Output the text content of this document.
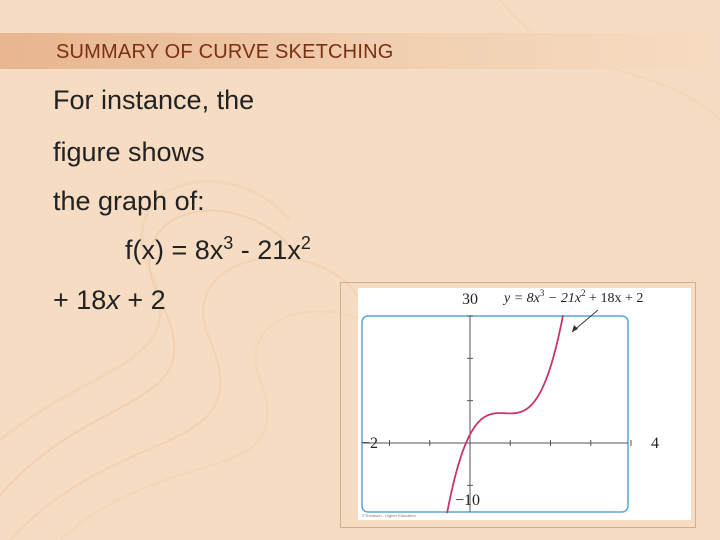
SUMMARY OF CURVE SKETCHING
For instance, the
figure shows
the graph of:
$f(x) = 8x^3 - 21x^2$
+ 18x + 2	30
−10
−2	4
$y = 8x^3 - 21x^2 + 18x + 2$
©Thomson - Higher Education
